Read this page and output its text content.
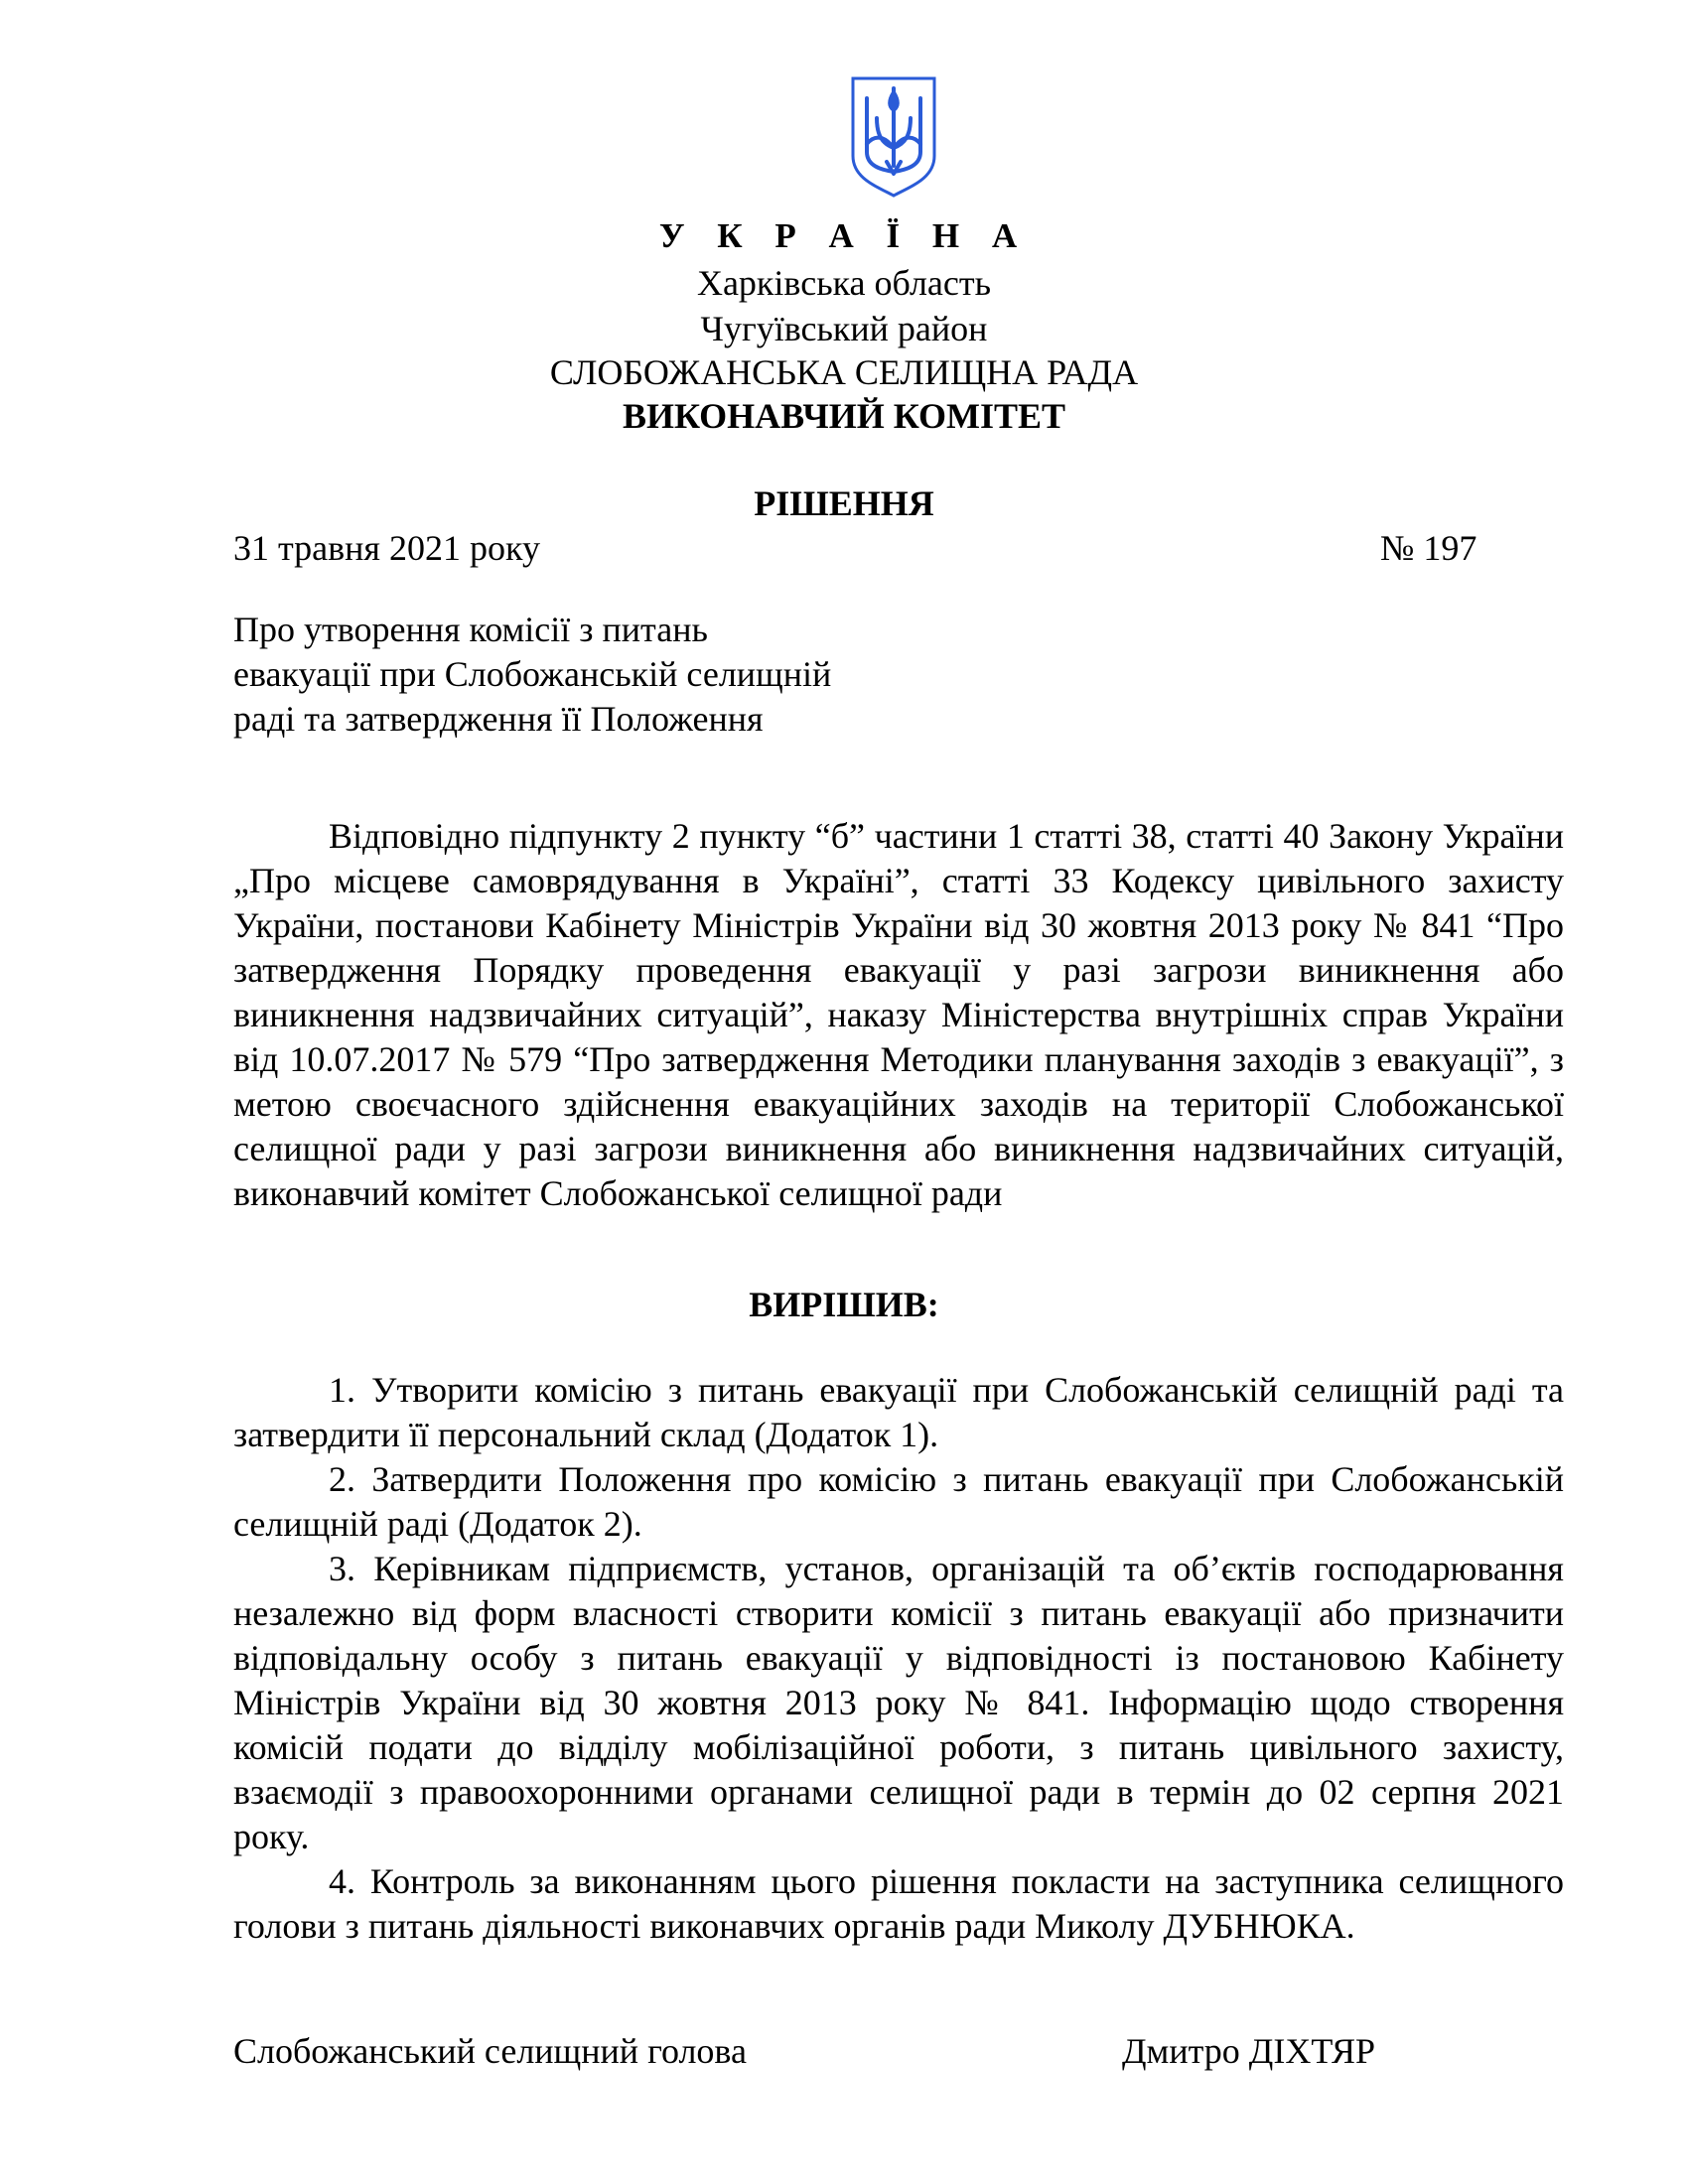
У К Р А Ї Н А
Харківська область
Чугуївський район
СЛОБОЖАНСЬКА СЕЛИЩНА РАДА
ВИКОНАВЧИЙ КОМІТЕТ
РІШЕННЯ
31 травня 2021 року	№ 197
Про утворення комісії з питань
евакуації при Слобожанській селищній
раді та затвердження її Положення

Відповідно підпункту 2 пункту “б” частини 1 статті 38, статті 40 Закону України „Про місцеве самоврядування в Україні”, статті 33 Кодексу цивільного захисту України, постанови Кабінету Міністрів України від 30 жовтня 2013 року № 841 “Про затвердження Порядку проведення евакуації у разі загрози виникнення або виникнення надзвичайних ситуацій”, наказу Міністерства внутрішніх справ України від 10.07.2017 № 579 “Про затвердження Методики планування заходів з евакуації”, з метою своєчасного здійснення евакуаційних заходів на території Слобожанської селищної ради у разі загрози виникнення або виникнення надзвичайних ситуацій, виконавчий комітет Слобожанської селищної ради

ВИРІШИВ:

1. Утворити комісію з питань евакуації при Слобожанській селищній раді та затвердити її персональний склад (Додаток 1).

2. Затвердити Положення про комісію з питань евакуації при Слобожанській селищній раді (Додаток 2).

3. Керівникам підприємств, установ, організацій та об’єктів господарювання незалежно від форм власності створити комісії з питань евакуації або призначити відповідальну особу з питань евакуації у відповідності із постановою Кабінету Міністрів України від 30 жовтня 2013 року № 841. Інформацію щодо створення комісій подати до відділу мобілізаційної роботи, з питань цивільного захисту, взаємодії з правоохоронними органами селищної ради в термін до 02 серпня 2021 року.

4. Контроль за виконанням цього рішення покласти на заступника селищного голови з питань діяльності виконавчих органів ради Миколу ДУБНЮКА.

Слобожанський селищний голова	Дмитро ДІХТЯР
